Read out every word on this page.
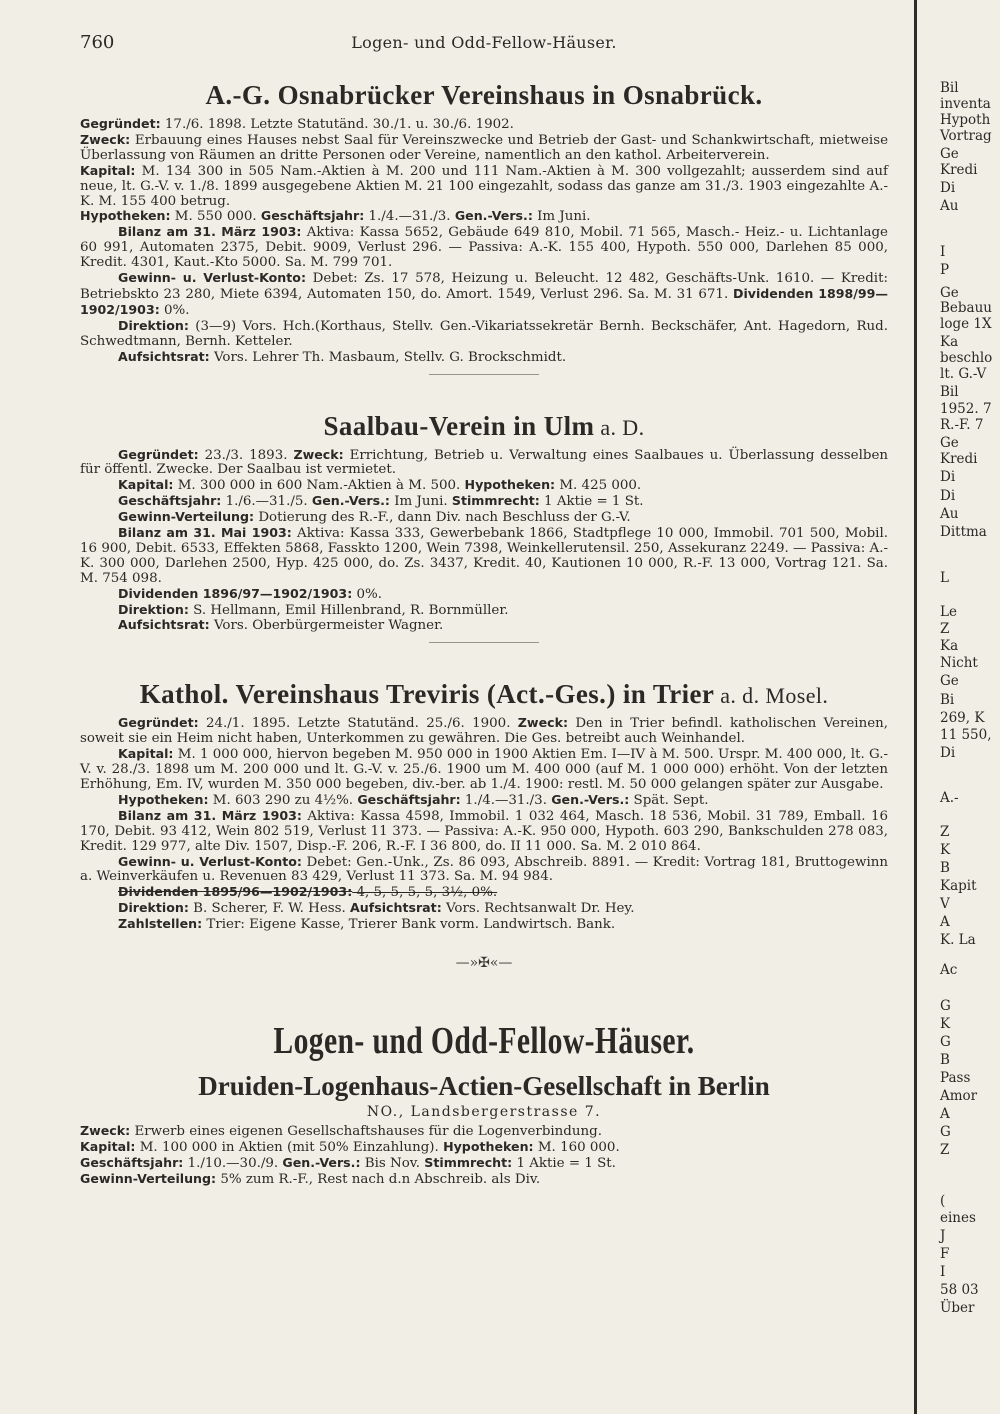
760	Logen- und Odd-Fellow-Häuser.
A.-G. Osnabrücker Vereinshaus in Osnabrück.

Gegründet: 17./6. 1898. Letzte Statutänd. 30./1. u. 30./6. 1902.

Zweck: Erbauung eines Hauses nebst Saal für Vereinszwecke und Betrieb der Gast- und Schankwirtschaft, mietweise Überlassung von Räumen an dritte Personen oder Vereine, namentlich an den kathol. Arbeiterverein.

Kapital: M. 134 300 in 505 Nam.-Aktien à M. 200 und 111 Nam.-Aktien à M. 300 vollgezahlt; ausserdem sind auf neue, lt. G.-V. v. 1./8. 1899 ausgegebene Aktien M. 21 100 eingezahlt, sodass das ganze am 31./3. 1903 eingezahlte A.-K. M. 155 400 betrug.

Hypotheken: M. 550 000. Geschäftsjahr: 1./4.—31./3. Gen.-Vers.: Im Juni.

Bilanz am 31. März 1903: Aktiva: Kassa 5652, Gebäude 649 810, Mobil. 71 565, Masch.- Heiz.- u. Lichtanlage 60 991, Automaten 2375, Debit. 9009, Verlust 296. — Passiva: A.-K. 155 400, Hypoth. 550 000, Darlehen 85 000, Kredit. 4301, Kaut.-Kto 5000. Sa. M. 799 701.

Gewinn- u. Verlust-Konto: Debet: Zs. 17 578, Heizung u. Beleucht. 12 482, Geschäfts-Unk. 1610. — Kredit: Betriebskto 23 280, Miete 6394, Automaten 150, do. Amort. 1549, Verlust 296. Sa. M. 31 671. Dividenden 1898/99—1902/1903: 0%.

Direktion: (3—9) Vors. Hch.(Korthaus, Stellv. Gen.-Vikariatssekretär Bernh. Beckschäfer, Ant. Hagedorn, Rud. Schwedtmann, Bernh. Ketteler.

Aufsichtsrat: Vors. Lehrer Th. Masbaum, Stellv. G. Brockschmidt.

Saalbau-Verein in Ulm a. D.

Gegründet: 23./3. 1893. Zweck: Errichtung, Betrieb u. Verwaltung eines Saalbaues u. Überlassung desselben für öffentl. Zwecke. Der Saalbau ist vermietet.

Kapital: M. 300 000 in 600 Nam.-Aktien à M. 500. Hypotheken: M. 425 000.

Geschäftsjahr: 1./6.—31./5. Gen.-Vers.: Im Juni. Stimmrecht: 1 Aktie = 1 St.

Gewinn-Verteilung: Dotierung des R.-F., dann Div. nach Beschluss der G.-V.

Bilanz am 31. Mai 1903: Aktiva: Kassa 333, Gewerbebank 1866, Stadtpflege 10 000, Immobil. 701 500, Mobil. 16 900, Debit. 6533, Effekten 5868, Fasskto 1200, Wein 7398, Weinkellerutensil. 250, Assekuranz 2249. — Passiva: A.-K. 300 000, Darlehen 2500, Hyp. 425 000, do. Zs. 3437, Kredit. 40, Kautionen 10 000, R.-F. 13 000, Vortrag 121. Sa. M. 754 098.

Dividenden 1896/97—1902/1903: 0%.

Direktion: S. Hellmann, Emil Hillenbrand, R. Bornmüller.

Aufsichtsrat: Vors. Oberbürgermeister Wagner.

Kathol. Vereinshaus Treviris (Act.-Ges.) in Trier a. d. Mosel.

Gegründet: 24./1. 1895. Letzte Statutänd. 25./6. 1900. Zweck: Den in Trier befindl. katholischen Vereinen, soweit sie ein Heim nicht haben, Unterkommen zu gewähren. Die Ges. betreibt auch Weinhandel.

Kapital: M. 1 000 000, hiervon begeben M. 950 000 in 1900 Aktien Em. I—IV à M. 500. Urspr. M. 400 000, lt. G.-V. v. 28./3. 1898 um M. 200 000 und lt. G.-V. v. 25./6. 1900 um M. 400 000 (auf M. 1 000 000) erhöht. Von der letzten Erhöhung, Em. IV, wurden M. 350 000 begeben, div.-ber. ab 1./4. 1900: restl. M. 50 000 gelangen später zur Ausgabe.

Hypotheken: M. 603 290 zu 4½%. Geschäftsjahr: 1./4.—31./3. Gen.-Vers.: Spät. Sept.

Bilanz am 31. März 1903: Aktiva: Kassa 4598, Immobil. 1 032 464, Masch. 18 536, Mobil. 31 789, Emball. 16 170, Debit. 93 412, Wein 802 519, Verlust 11 373. — Passiva: A.-K. 950 000, Hypoth. 603 290, Bankschulden 278 083, Kredit. 129 977, alte Div. 1507, Disp.-F. 206, R.-F. I 36 800, do. II 11 000. Sa. M. 2 010 864.

Gewinn- u. Verlust-Konto: Debet: Gen.-Unk., Zs. 86 093, Abschreib. 8891. — Kredit: Vortrag 181, Bruttogewinn a. Weinverkäufen u. Revenuen 83 429, Verlust 11 373. Sa. M. 94 984.

Dividenden 1895/96—1902/1903: 4, 5, 5, 5, 5, 3½, 0%.

Direktion: B. Scherer, F. W. Hess. Aufsichtsrat: Vors. Rechtsanwalt Dr. Hey.

Zahlstellen: Trier: Eigene Kasse, Trierer Bank vorm. Landwirtsch. Bank.

—»✠«—
Logen- und Odd-Fellow-Häuser.
Druiden-Logenhaus-Actien-Gesellschaft in Berlin
NO., Landsbergerstrasse 7.

Zweck: Erwerb eines eigenen Gesellschaftshauses für die Logenverbindung.

Kapital: M. 100 000 in Aktien (mit 50% Einzahlung). Hypotheken: M. 160 000.

Geschäftsjahr: 1./10.—30./9. Gen.-Vers.: Bis Nov. Stimmrecht: 1 Aktie = 1 St.

Gewinn-Verteilung: 5% zum R.-F., Rest nach d.n Abschreib. als Div.

Bil
inventa
Hypoth
Vortrag
Ge
Kredi
Di
Au
I
P
Ge
Bebauu
loge 1X
Ka
beschlo
lt. G.-V
Bil
1952. 7
R.-F. 7
Ge
Kredi
Di
Di
Au
Dittma
L
Le
Z
Ka
Nicht
Ge
Bi
269, K
11 550,
Di
A.-
Z
K
B
Kapit
V
A
K. La
Ac
G
K
G
B
Pass
Amor
A
G
Z
(
eines
J
F
I
58 03
Über
